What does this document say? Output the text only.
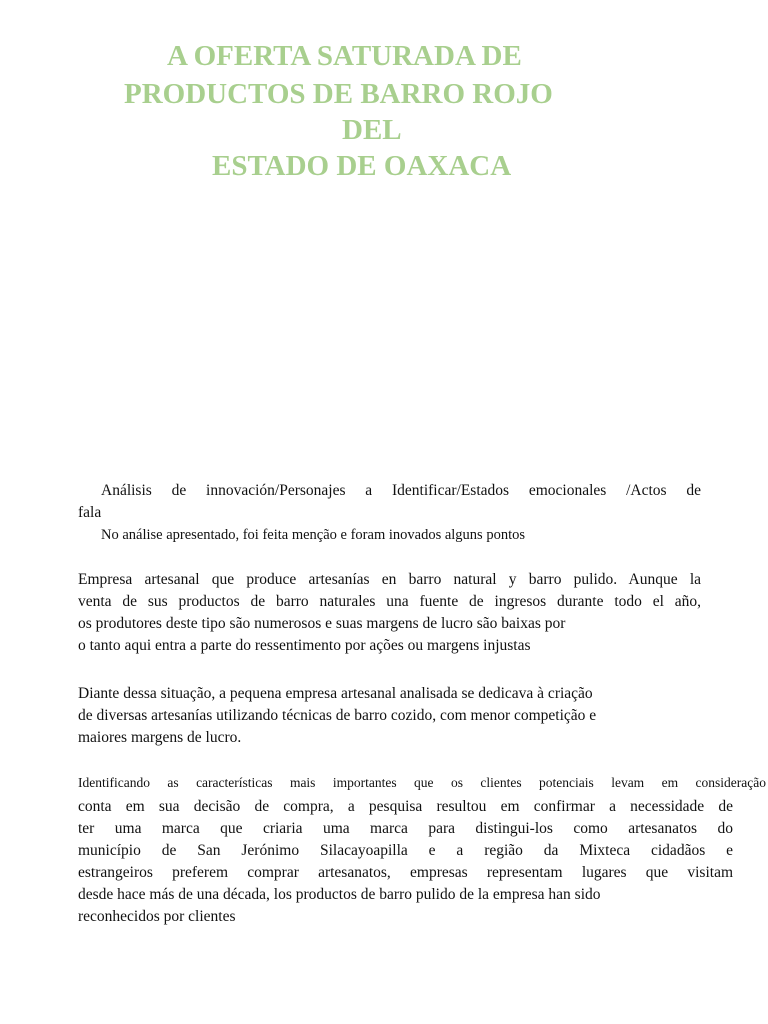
A OFERTA SATURADA DE
PRODUCTOS DE BARRO ROJO
DEL
ESTADO DE OAXACA
Análisis de innovación/Personajes a Identificar/Estados emocionales /Actos de
fala
No análise apresentado, foi feita menção e foram inovados alguns pontos
Empresa artesanal que produce artesanías en barro natural y barro pulido. Aunque la
venta de sus productos de barro naturales una fuente de ingresos durante todo el año,
os produtores deste tipo são numerosos e suas margens de lucro são baixas por
o tanto aqui entra a parte do ressentimento por ações ou margens injustas
Diante dessa situação, a pequena empresa artesanal analisada se dedicava à criação
de diversas artesanías utilizando técnicas de barro cozido, com menor competição e
maiores margens de lucro.
Identificando as características mais importantes que os clientes potenciais levam em consideração
conta em sua decisão de compra, a pesquisa resultou em confirmar a necessidade de
ter uma marca que criaria uma marca para distingui-los como artesanatos do
município de San Jerónimo Silacayoapilla e a região da Mixteca cidadãos e
estrangeiros preferem comprar artesanatos, empresas representam lugares que visitam
desde hace más de una década, los productos de barro pulido de la empresa han sido
reconhecidos por clientes
